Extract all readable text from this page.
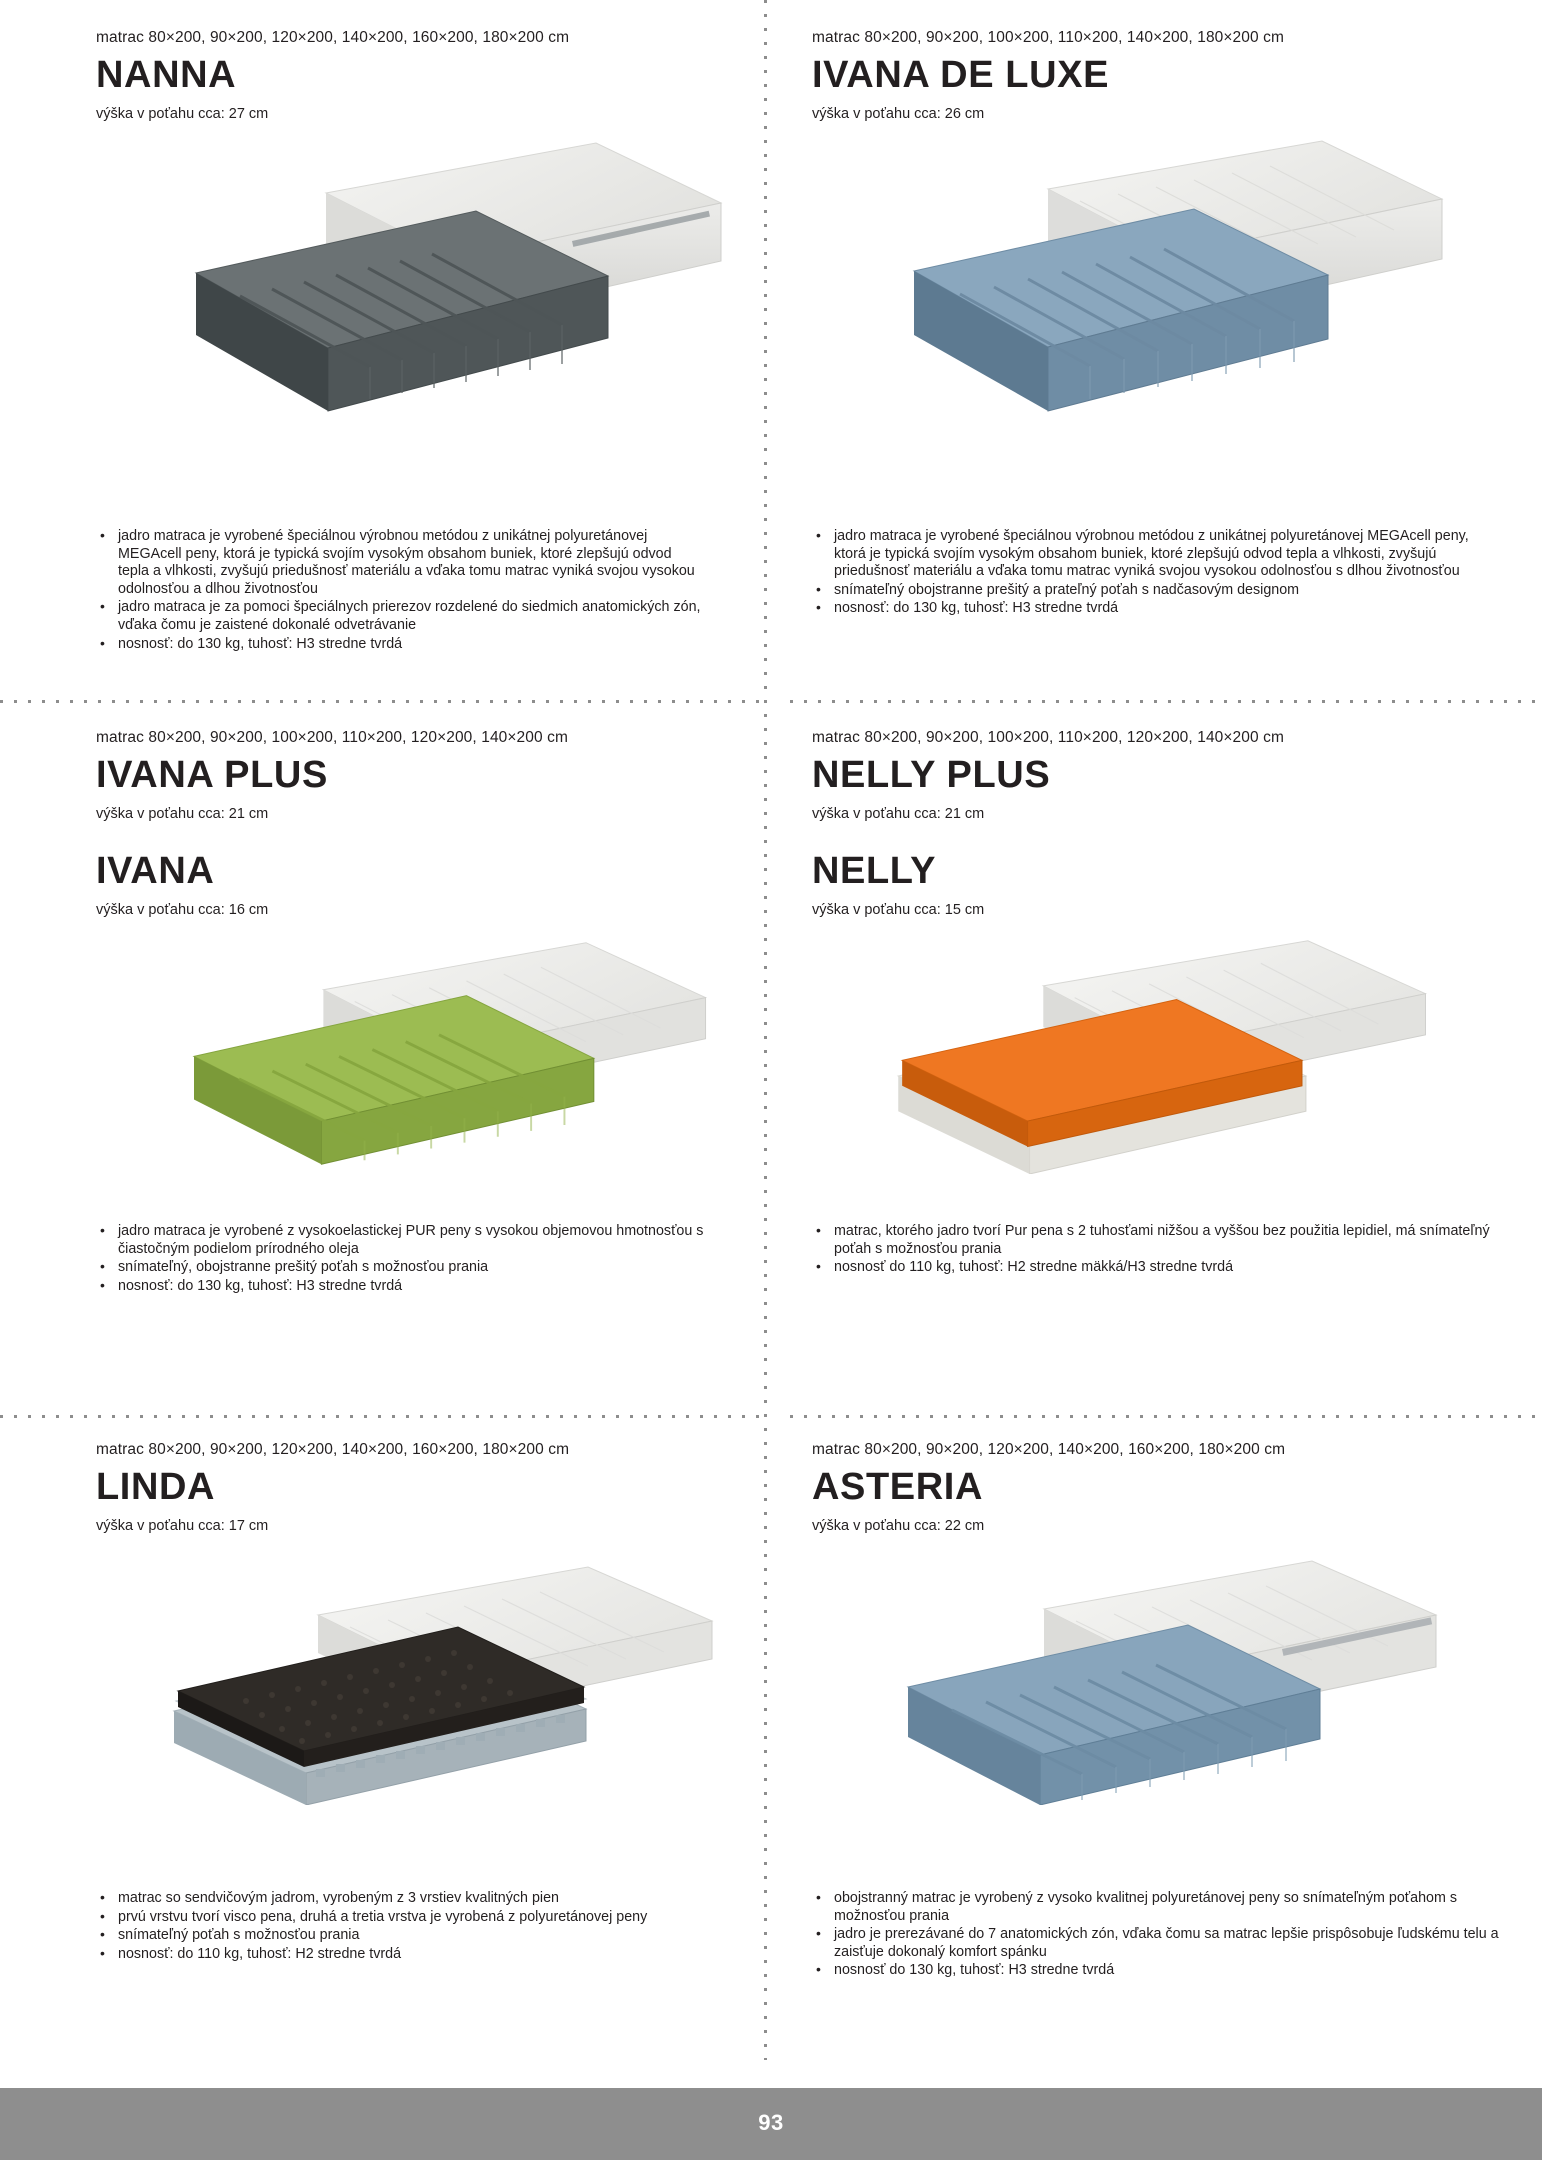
matrac 80×200, 90×200, 120×200, 140×200, 160×200, 180×200 cm

NANNA

výška v poťahu cca: 27 cm

• jadro matraca je vyrobené špeciálnou výrobnou metódou z unikátnej polyuretánovej MEGAcell peny, ktorá je typická svojím vysokým obsahom buniek, ktoré zlepšujú odvod tepla a vlhkosti, zvyšujú priedušnosť materiálu a vďaka tomu matrac vyniká svojou vysokou odolnosťou a dlhou životnosťou
• jadro matraca je za pomoci špeciálnych prierezov rozdelené do siedmich anatomických zón, vďaka čomu je zaistené dokonalé odvetrávanie
• nosnosť: do 130 kg, tuhosť: H3 stredne tvrdá

matrac 80×200, 90×200, 100×200, 110×200, 140×200, 180×200 cm

IVANA DE LUXE

výška v poťahu cca: 26 cm

• jadro matraca je vyrobené špeciálnou výrobnou metódou z unikátnej polyuretánovej MEGAcell peny, ktorá je typická svojím vysokým obsahom buniek, ktoré zlepšujú odvod tepla a vlhkosti, zvyšujú priedušnosť materiálu a vďaka tomu matrac vyniká svojou vysokou odolnosťou s dlhou životnosťou
• snímateľný obojstranne prešitý a prateľný poťah s nadčasovým designom
• nosnosť: do 130 kg, tuhosť: H3 stredne tvrdá

matrac 80×200, 90×200, 100×200, 110×200, 120×200, 140×200 cm

IVANA PLUS

výška v poťahu cca: 21 cm

IVANA

výška v poťahu cca: 16 cm

• jadro matraca je vyrobené z vysokoelastickej PUR peny s vysokou objemovou hmotnosťou s čiastočným podielom prírodného oleja
• snímateľný, obojstranne prešitý poťah s možnosťou prania
• nosnosť: do 130 kg, tuhosť: H3 stredne tvrdá

matrac 80×200, 90×200, 100×200, 110×200, 120×200, 140×200 cm

NELLY PLUS

výška v poťahu cca: 21 cm

NELLY

výška v poťahu cca: 15 cm

• matrac, ktorého jadro tvorí Pur pena s 2 tuhosťami nižšou a vyššou bez použitia lepidiel, má snímateľný poťah s možnosťou prania
• nosnosť do 110 kg, tuhosť: H2 stredne mäkká/H3 stredne tvrdá

matrac 80×200, 90×200, 120×200, 140×200, 160×200, 180×200 cm

LINDA

výška v poťahu cca: 17 cm

• matrac so sendvičovým jadrom, vyrobeným z 3 vrstiev kvalitných pien
• prvú vrstvu tvorí visco pena, druhá a tretia vrstva je vyrobená z polyuretánovej peny
• snímateľný poťah s možnosťou prania
• nosnosť: do 110 kg, tuhosť: H2 stredne tvrdá

matrac 80×200, 90×200, 120×200, 140×200, 160×200, 180×200 cm

ASTERIA

výška v poťahu cca: 22 cm

• obojstranný matrac je vyrobený z vysoko kvalitnej polyuretánovej peny so snímateľným poťahom s možnosťou prania
• jadro je prerezávané do 7 anatomických zón, vďaka čomu sa matrac lepšie prispôsobuje ľudskému telu a zaisťuje dokonalý komfort spánku
• nosnosť do 130 kg, tuhosť: H3 stredne tvrdá
93
